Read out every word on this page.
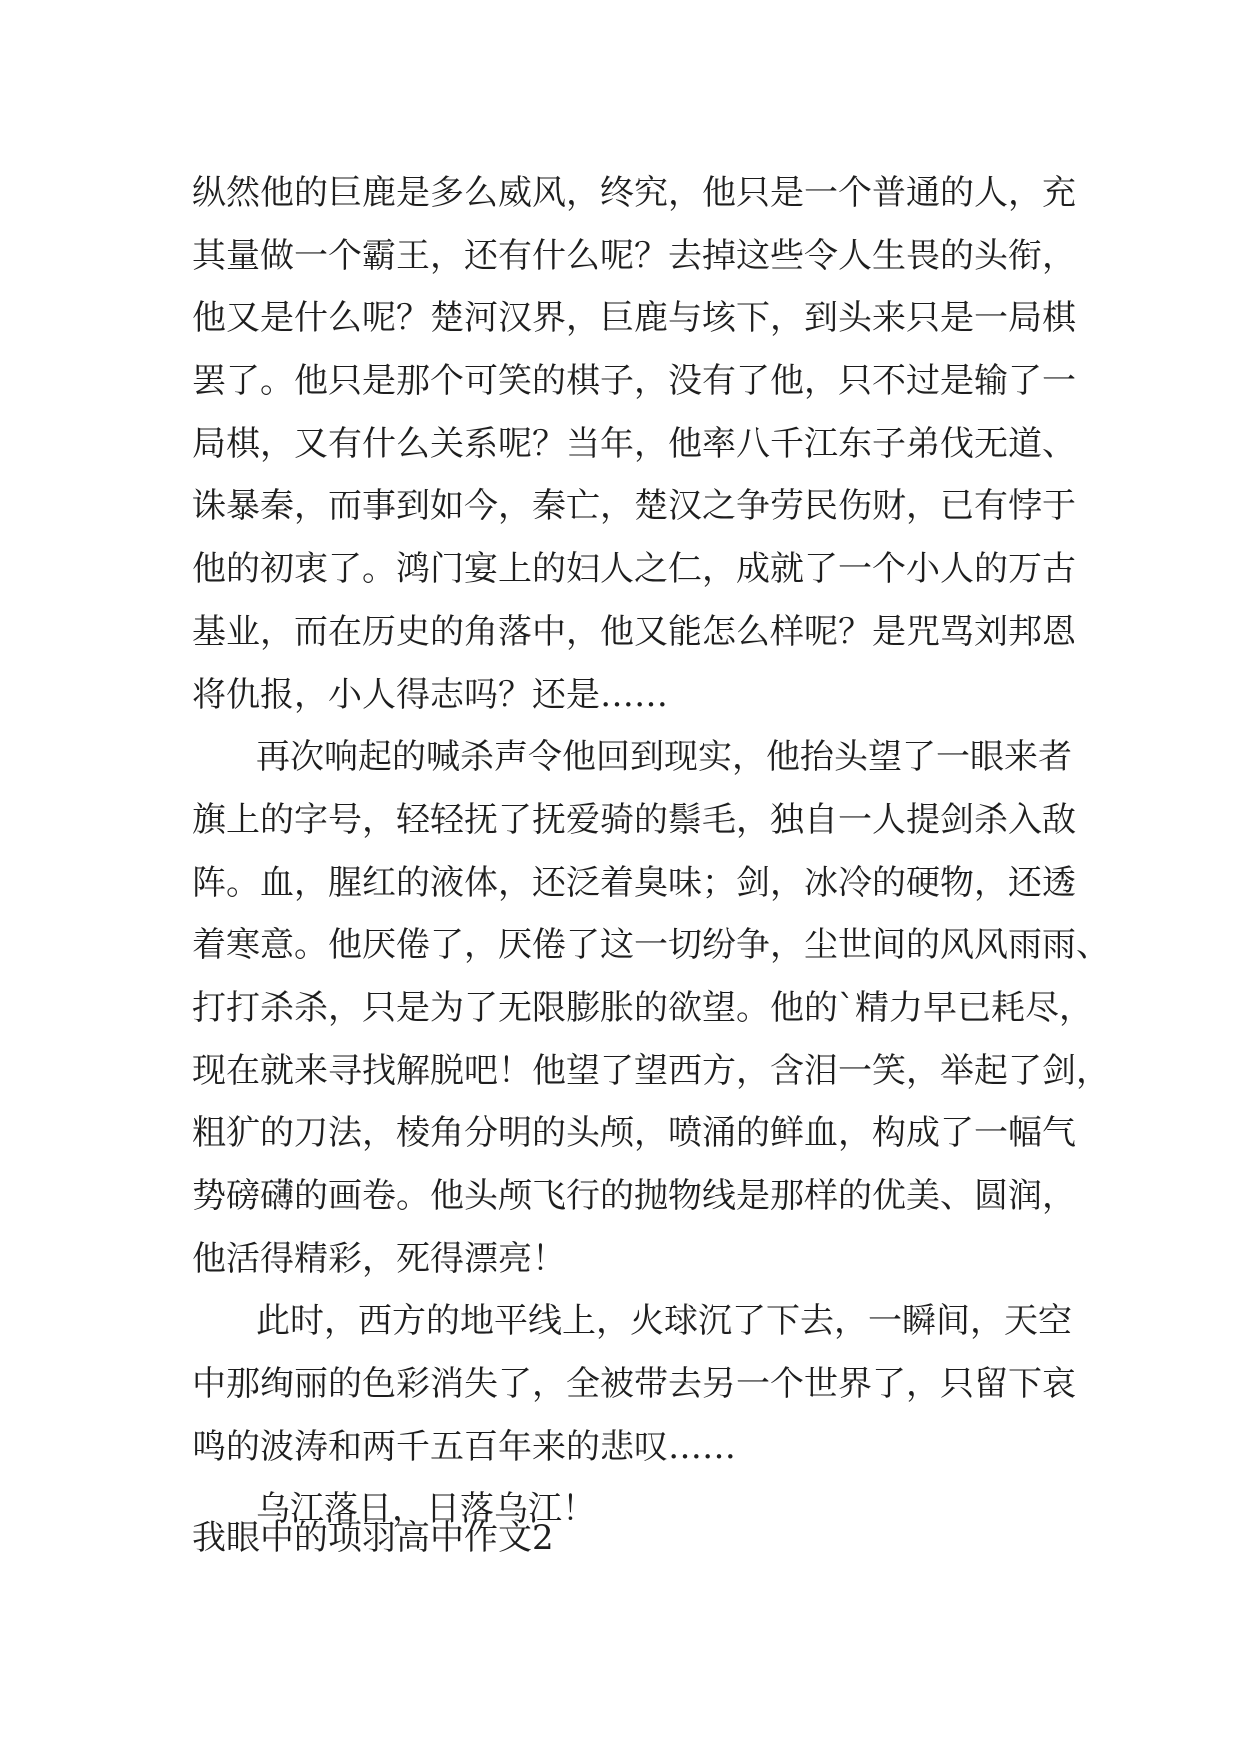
纵然他的巨鹿是多么威风，终究，他只是一个普通的人，充
其量做一个霸王，还有什么呢？去掉这些令人生畏的头衔，
他又是什么呢？楚河汉界，巨鹿与垓下，到头来只是一局棋
罢了。他只是那个可笑的棋子，没有了他，只不过是输了一
局棋，又有什么关系呢？当年，他率八千江东子弟伐无道、
诛暴秦，而事到如今，秦亡，楚汉之争劳民伤财，已有悖于
他的初衷了。鸿门宴上的妇人之仁，成就了一个小人的万古
基业，而在历史的角落中，他又能怎么样呢？是咒骂刘邦恩
将仇报，小人得志吗？还是……
再次响起的喊杀声令他回到现实，他抬头望了一眼来者
旗上的字号，轻轻抚了抚爱骑的鬃毛，独自一人提剑杀入敌
阵。血，腥红的液体，还泛着臭味；剑，冰冷的硬物，还透
着寒意。他厌倦了，厌倦了这一切纷争，尘世间的风风雨雨、
打打杀杀，只是为了无限膨胀的欲望。他的`精力早已耗尽，
现在就来寻找解脱吧！他望了望西方，含泪一笑，举起了剑，
粗犷的刀法，棱角分明的头颅，喷涌的鲜血，构成了一幅气
势磅礴的画卷。他头颅飞行的抛物线是那样的优美、圆润，
他活得精彩，死得漂亮！
此时，西方的地平线上，火球沉了下去，一瞬间，天空
中那绚丽的色彩消失了，全被带去另一个世界了，只留下哀
鸣的波涛和两千五百年来的悲叹……
乌江落日，日落乌江！
我眼中的项羽高中作文2
